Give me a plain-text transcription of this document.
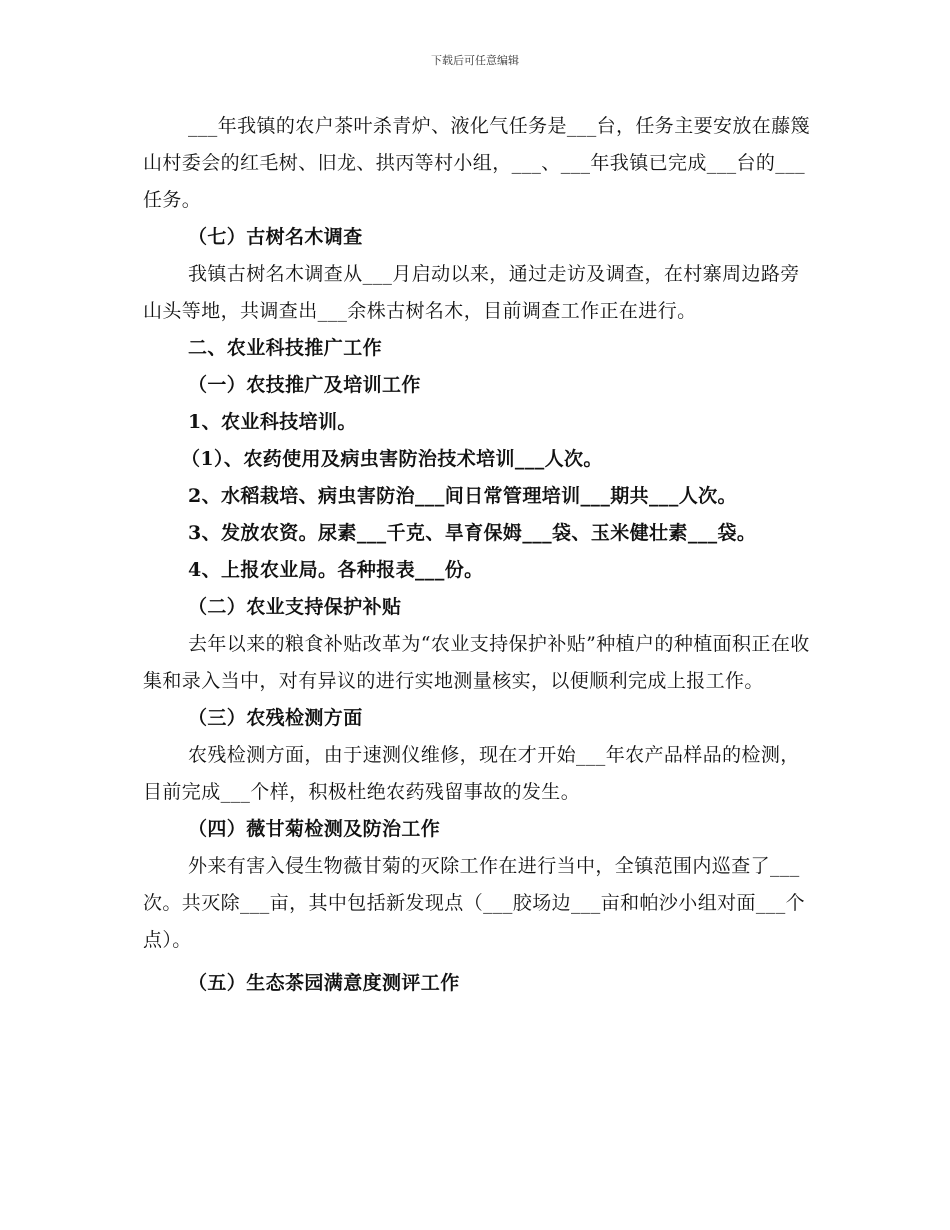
下载后可任意编辑

___年我镇的农户茶叶杀青炉、液化气任务是___台，任务主要安放在藤篾山村委会的红毛树、旧龙、拱丙等村小组，___、___年我镇已完成___台的___任务。

（七）古树名木调查

我镇古树名木调查从___月启动以来，通过走访及调查，在村寨周边路旁山头等地，共调查出___余株古树名木，目前调查工作正在进行。

二、农业科技推广工作

（一）农技推广及培训工作

1、农业科技培训。

（1）、农药使用及病虫害防治技术培训___人次。

2、水稻栽培、病虫害防治___间日常管理培训___期共___人次。

3、发放农资。尿素___千克、旱育保姆___袋、玉米健壮素___袋。

4、上报农业局。各种报表___份。

（二）农业支持保护补贴

去年以来的粮食补贴改革为“农业支持保护补贴”种植户的种植面积正在收集和录入当中，对有异议的进行实地测量核实，以便顺利完成上报工作。

（三）农残检测方面

农残检测方面，由于速测仪维修，现在才开始___年农产品样品的检测，目前完成___个样，积极杜绝农药残留事故的发生。

（四）薇甘菊检测及防治工作

外来有害入侵生物薇甘菊的灭除工作在进行当中，全镇范围内巡查了___次。共灭除___亩，其中包括新发现点（___胶场边___亩和帕沙小组对面___个点）。

（五）生态茶园满意度测评工作
